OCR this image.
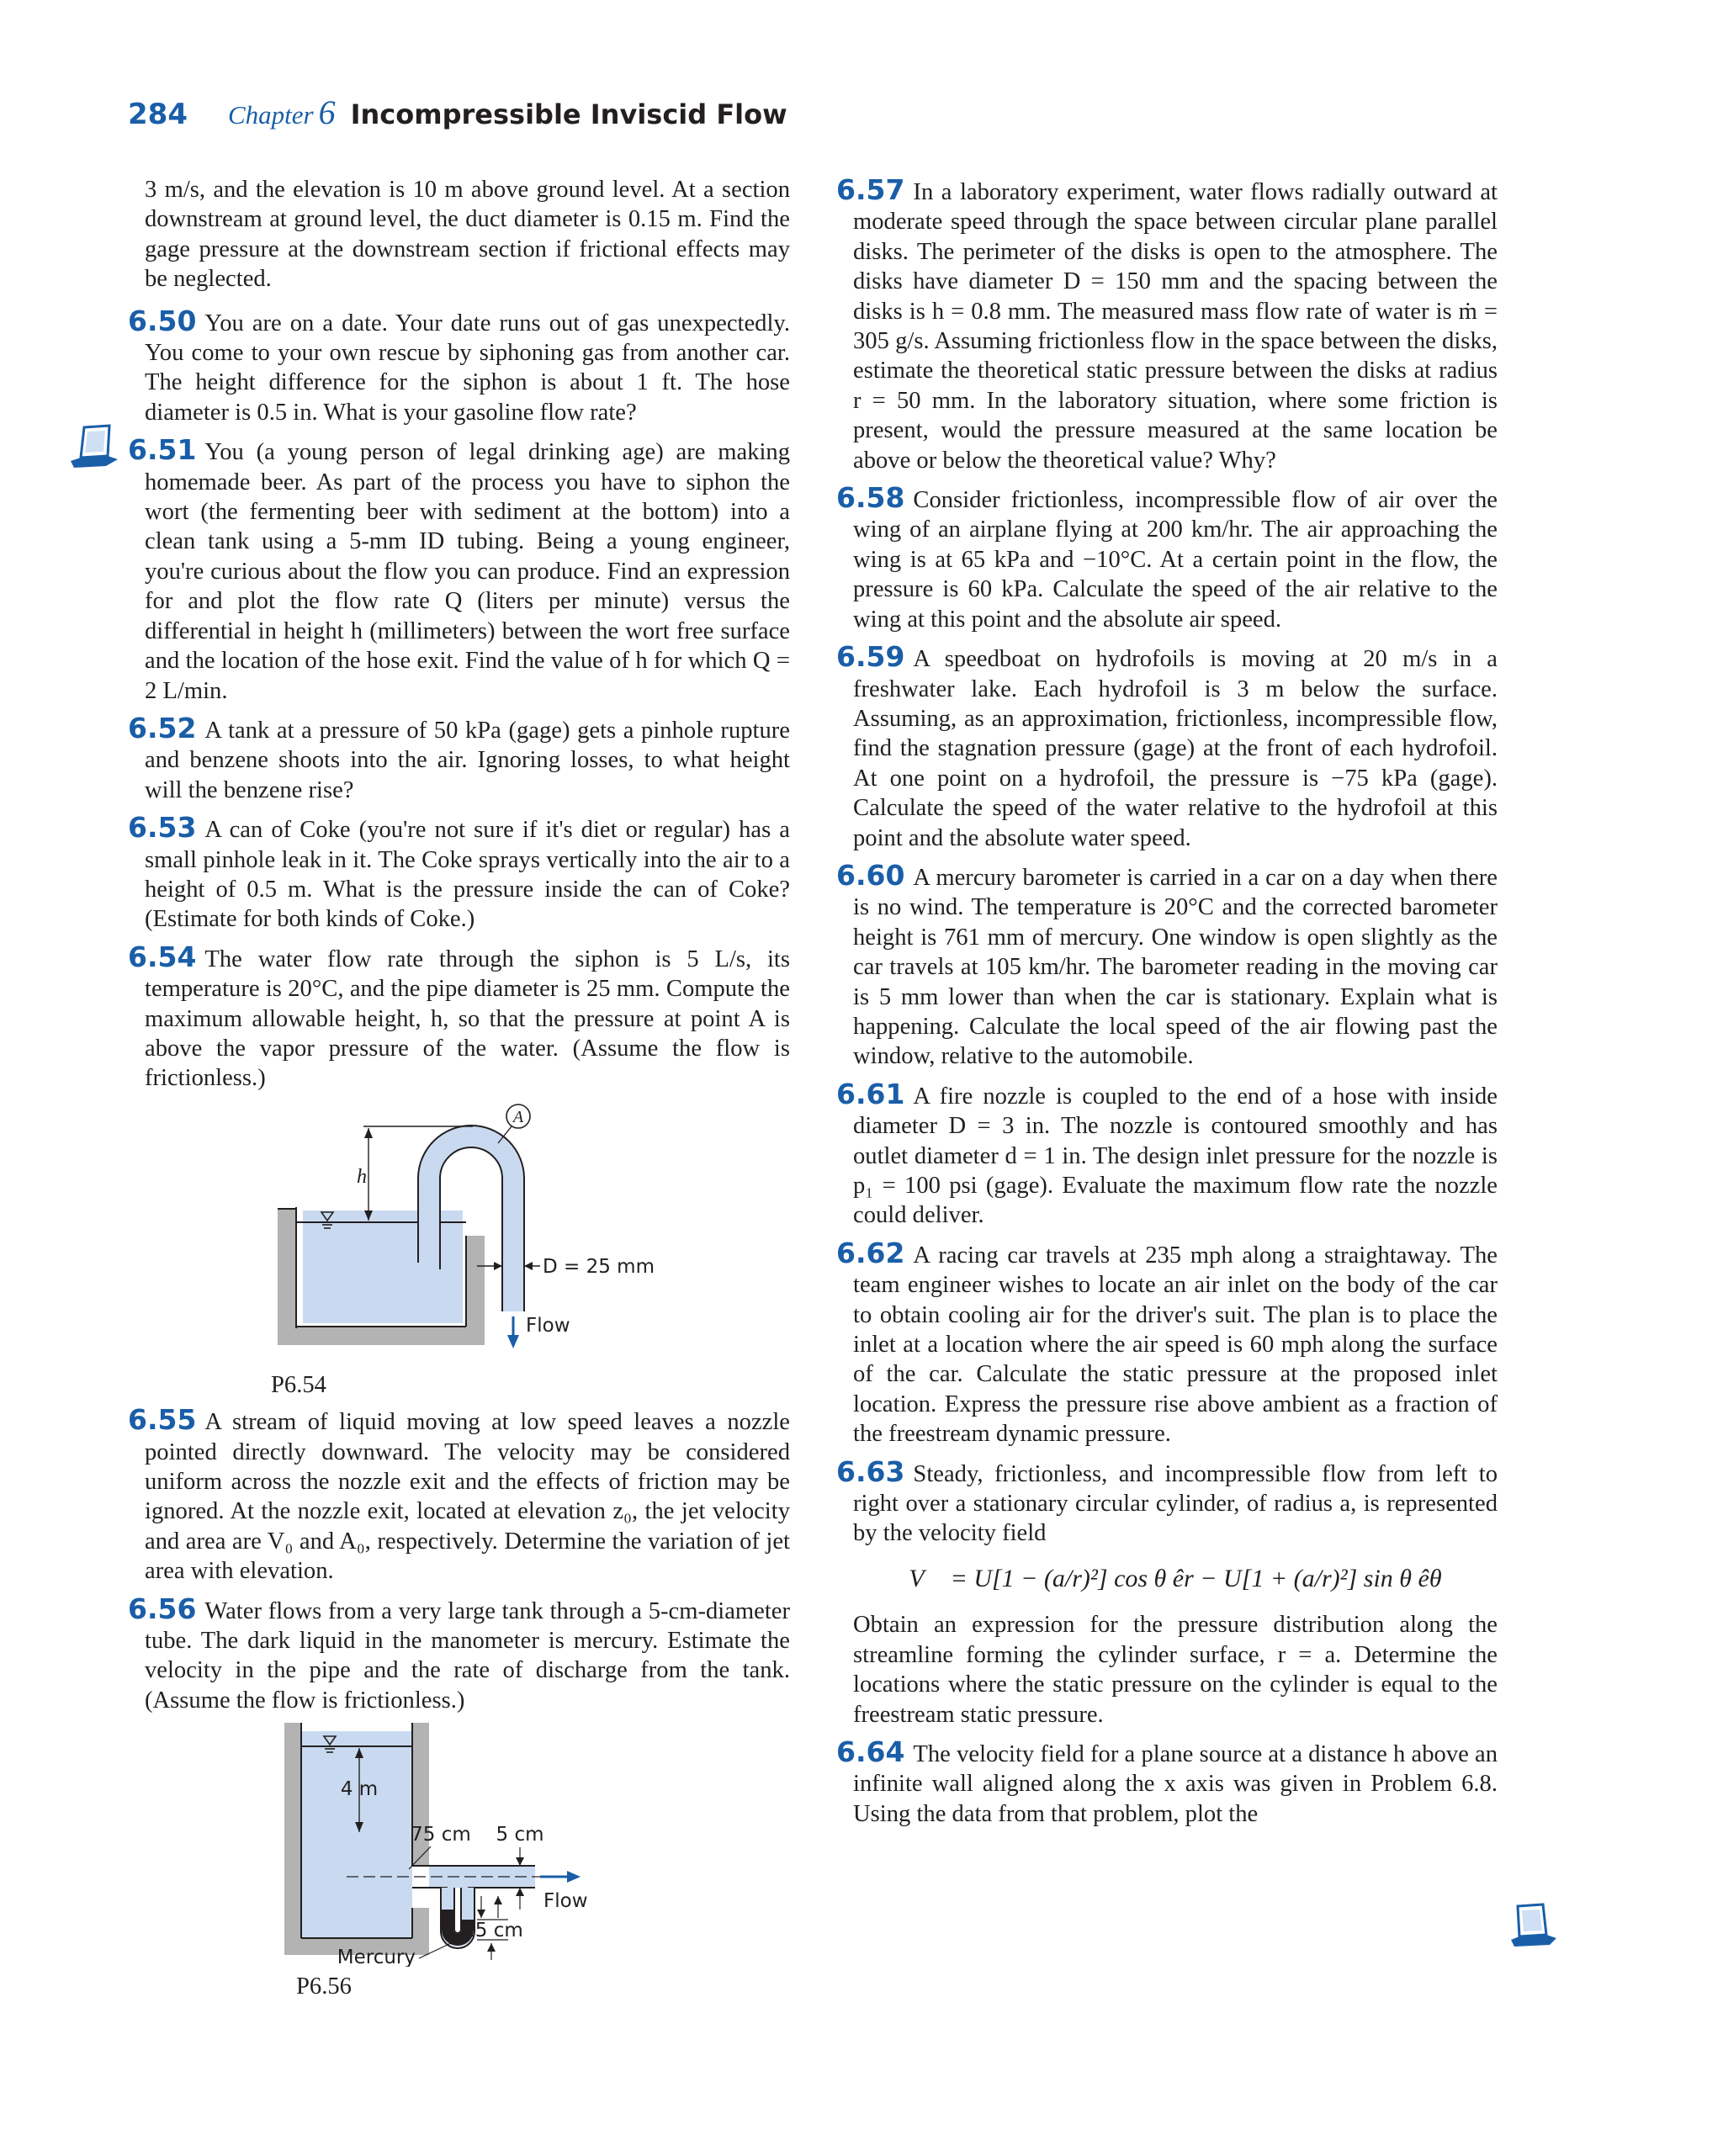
284 Chapter 6 Incompressible Inviscid Flow

3 m/s, and the elevation is 10 m above ground level. At a section downstream at ground level, the duct diameter is 0.15 m. Find the gage pressure at the downstream section if frictional effects may be neglected.

6.50 You are on a date. Your date runs out of gas unexpectedly. You come to your own rescue by siphoning gas from another car. The height difference for the siphon is about 1 ft. The hose diameter is 0.5 in. What is your gasoline flow rate?

6.51 You (a young person of legal drinking age) are making homemade beer. As part of the process you have to siphon the wort (the fermenting beer with sediment at the bottom) into a clean tank using a 5-mm ID tubing. Being a young engineer, you're curious about the flow you can produce. Find an expression for and plot the flow rate Q (liters per minute) versus the differential in height h (millimeters) between the wort free surface and the location of the hose exit. Find the value of h for which Q = 2 L/min.

6.52 A tank at a pressure of 50 kPa (gage) gets a pinhole rupture and benzene shoots into the air. Ignoring losses, to what height will the benzene rise?

6.53 A can of Coke (you're not sure if it's diet or regular) has a small pinhole leak in it. The Coke sprays vertically into the air to a height of 0.5 m. What is the pressure inside the can of Coke? (Estimate for both kinds of Coke.)

6.54 The water flow rate through the siphon is 5 L/s, its temperature is 20°C, and the pipe diameter is 25 mm. Compute the maximum allowable height, h, so that the pressure at point A is above the vapor pressure of the water. (Assume the flow is frictionless.)

A
h
D = 25 mm
Flow

P6.54

6.55 A stream of liquid moving at low speed leaves a nozzle pointed directly downward. The velocity may be considered uniform across the nozzle exit and the effects of friction may be ignored. At the nozzle exit, located at elevation z₀, the jet velocity and area are V₀ and A₀, respectively. Determine the variation of jet area with elevation.

6.56 Water flows from a very large tank through a 5-cm-diameter tube. The dark liquid in the manometer is mercury. Estimate the velocity in the pipe and the rate of discharge from the tank. (Assume the flow is frictionless.)

4 m
75 cm 5 cm
Flow
15 cm
Mercury

P6.56

6.57 In a laboratory experiment, water flows radially outward at moderate speed through the space between circular plane parallel disks. The perimeter of the disks is open to the atmosphere. The disks have diameter D = 150 mm and the spacing between the disks is h = 0.8 mm. The measured mass flow rate of water is ṁ = 305 g/s. Assuming frictionless flow in the space between the disks, estimate the theoretical static pressure between the disks at radius r = 50 mm. In the laboratory situation, where some friction is present, would the pressure measured at the same location be above or below the theoretical value? Why?

6.58 Consider frictionless, incompressible flow of air over the wing of an airplane flying at 200 km/hr. The air approaching the wing is at 65 kPa and −10°C. At a certain point in the flow, the pressure is 60 kPa. Calculate the speed of the air relative to the wing at this point and the absolute air speed.

6.59 A speedboat on hydrofoils is moving at 20 m/s in a freshwater lake. Each hydrofoil is 3 m below the surface. Assuming, as an approximation, frictionless, incompressible flow, find the stagnation pressure (gage) at the front of each hydrofoil. At one point on a hydrofoil, the pressure is −75 kPa (gage). Calculate the speed of the water relative to the hydrofoil at this point and the absolute water speed.

6.60 A mercury barometer is carried in a car on a day when there is no wind. The temperature is 20°C and the corrected barometer height is 761 mm of mercury. One window is open slightly as the car travels at 105 km/hr. The barometer reading in the moving car is 5 mm lower than when the car is stationary. Explain what is happening. Calculate the local speed of the air flowing past the window, relative to the automobile.

6.61 A fire nozzle is coupled to the end of a hose with inside diameter D = 3 in. The nozzle is contoured smoothly and has outlet diameter d = 1 in. The design inlet pressure for the nozzle is p₁ = 100 psi (gage). Evaluate the maximum flow rate the nozzle could deliver.

6.62 A racing car travels at 235 mph along a straightaway. The team engineer wishes to locate an air inlet on the body of the car to obtain cooling air for the driver's suit. The plan is to place the inlet at a location where the air speed is 60 mph along the surface of the car. Calculate the static pressure at the proposed inlet location. Express the pressure rise above ambient as a fraction of the freestream dynamic pressure.

6.63 Steady, frictionless, and incompressible flow from left to right over a stationary circular cylinder, of radius a, is represented by the velocity field

V⃗ = U[1 − (a/r)²] cos θ êr − U[1 + (a/r)²] sin θ êθ

Obtain an expression for the pressure distribution along the streamline forming the cylinder surface, r = a. Determine the locations where the static pressure on the cylinder is equal to the freestream static pressure.

6.64 The velocity field for a plane source at a distance h above an infinite wall aligned along the x axis was given in Problem 6.8. Using the data from that problem, plot the
